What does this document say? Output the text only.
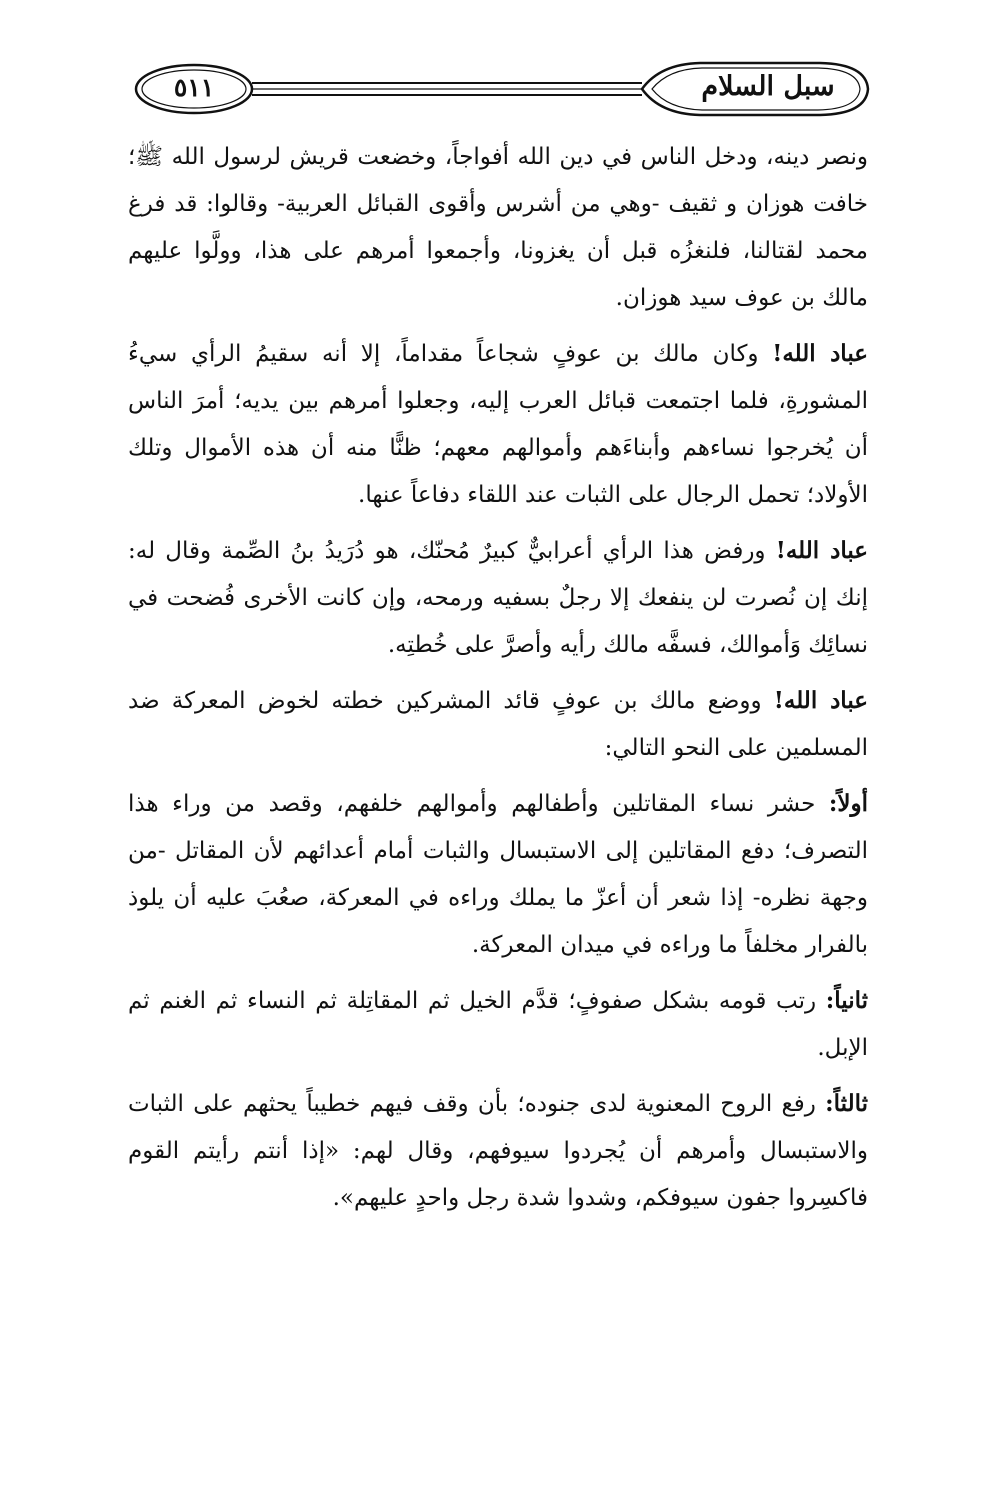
٥١١	سبل السلام

ونصر دينه، ودخل الناس في دين الله أفواجاً، وخضعت قريش لرسول الله ﷺ؛ خافت هوزان و ثقيف -وهي من أشرس وأقوى القبائل العربية- وقالوا: قد فرغ محمد لقتالنا، فلنغزُه قبل أن يغزونا، وأجمعوا أمرهم على هذا، وولَّوا عليهم مالك بن عوف سيد هوزان.

عباد الله! وكان مالك بن عوفٍ شجاعاً مقداماً، إلا أنه سقيمُ الرأي سيءُ المشورةِ، فلما اجتمعت قبائل العرب إليه، وجعلوا أمرهم بين يديه؛ أمرَ الناس أن يُخرجوا نساءهم وأبناءَهم وأموالهم معهم؛ ظنًّا منه أن هذه الأموال وتلك الأولاد؛ تحمل الرجال على الثبات عند اللقاء دفاعاً عنها.

عباد الله! ورفض هذا الرأي أعرابيٌّ كبيرٌ مُحنّك، هو دُرَيدُ بنُ الصِّمة وقال له: إنك إن نُصرت لن ينفعك إلا رجلٌ بسفيه ورمحه، وإن كانت الأخرى فُضحت في نسائِك وَأموالك، فسفَّه مالك رأيه وأصرَّ على خُطتِه.

عباد الله! ووضع مالك بن عوفٍ قائد المشركين خطته لخوض المعركة ضد المسلمين على النحو التالي:

أولاً: حشر نساء المقاتلين وأطفالهم وأموالهم خلفهم، وقصد من وراء هذا التصرف؛ دفع المقاتلين إلى الاستبسال والثبات أمام أعدائهم لأن المقاتل -من وجهة نظره- إذا شعر أن أعزّ ما يملك وراءه في المعركة، صعُبَ عليه أن يلوذ بالفرار مخلفاً ما وراءه في ميدان المعركة.

ثانياً: رتب قومه بشكل صفوفٍ؛ قدَّم الخيل ثم المقاتِلة ثم النساء ثم الغنم ثم الإبل.

ثالثاً: رفع الروح المعنوية لدى جنوده؛ بأن وقف فيهم خطيباً يحثهم على الثبات والاستبسال وأمرهم أن يُجردوا سيوفهم، وقال لهم: «إذا أنتم رأيتم القوم فاكسِروا جفون سيوفكم، وشدوا شدة رجل واحدٍ عليهم».
